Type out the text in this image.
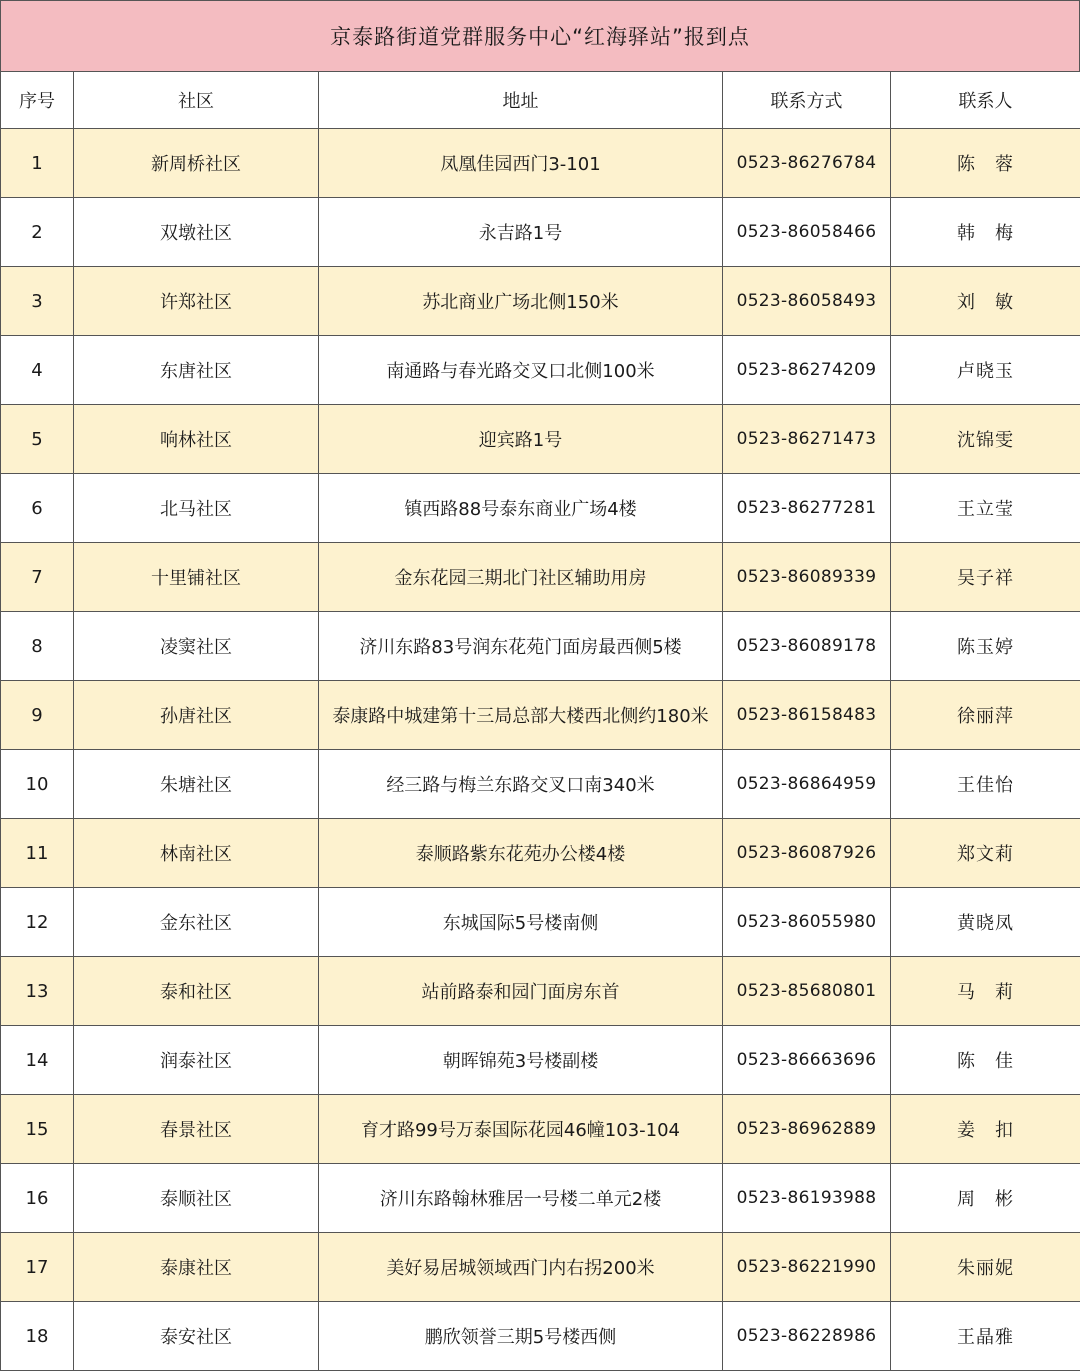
京泰路街道党群服务中心“红海驿站”报到点
序号	社区	地址	联系方式	联系人
1	新周桥社区	凤凰佳园西门3-101	0523-86276784	陈　蓉
2	双墩社区	永吉路1号	0523-86058466	韩　梅
3	许郑社区	苏北商业广场北侧150米	0523-86058493	刘　敏
4	东唐社区	南通路与春光路交叉口北侧100米	0523-86274209	卢晓玉
5	响林社区	迎宾路1号	0523-86271473	沈锦雯
6	北马社区	镇西路88号泰东商业广场4楼	0523-86277281	王立莹
7	十里铺社区	金东花园三期北门社区辅助用房	0523-86089339	吴子祥
8	凌窦社区	济川东路83号润东花苑门面房最西侧5楼	0523-86089178	陈玉婷
9	孙唐社区	泰康路中城建第十三局总部大楼西北侧约180米	0523-86158483	徐丽萍
10	朱塘社区	经三路与梅兰东路交叉口南340米	0523-86864959	王佳怡
11	林南社区	泰顺路紫东花苑办公楼4楼	0523-86087926	郑文莉
12	金东社区	东城国际5号楼南侧	0523-86055980	黄晓凤
13	泰和社区	站前路泰和园门面房东首	0523-85680801	马　莉
14	润泰社区	朝晖锦苑3号楼副楼	0523-86663696	陈　佳
15	春景社区	育才路99号万泰国际花园46幢103-104	0523-86962889	姜　扣
16	泰顺社区	济川东路翰林雅居一号楼二单元2楼	0523-86193988	周　彬
17	泰康社区	美好易居城领域西门内右拐200米	0523-86221990	朱丽妮
18	泰安社区	鹏欣领誉三期5号楼西侧	0523-86228986	王晶雅
